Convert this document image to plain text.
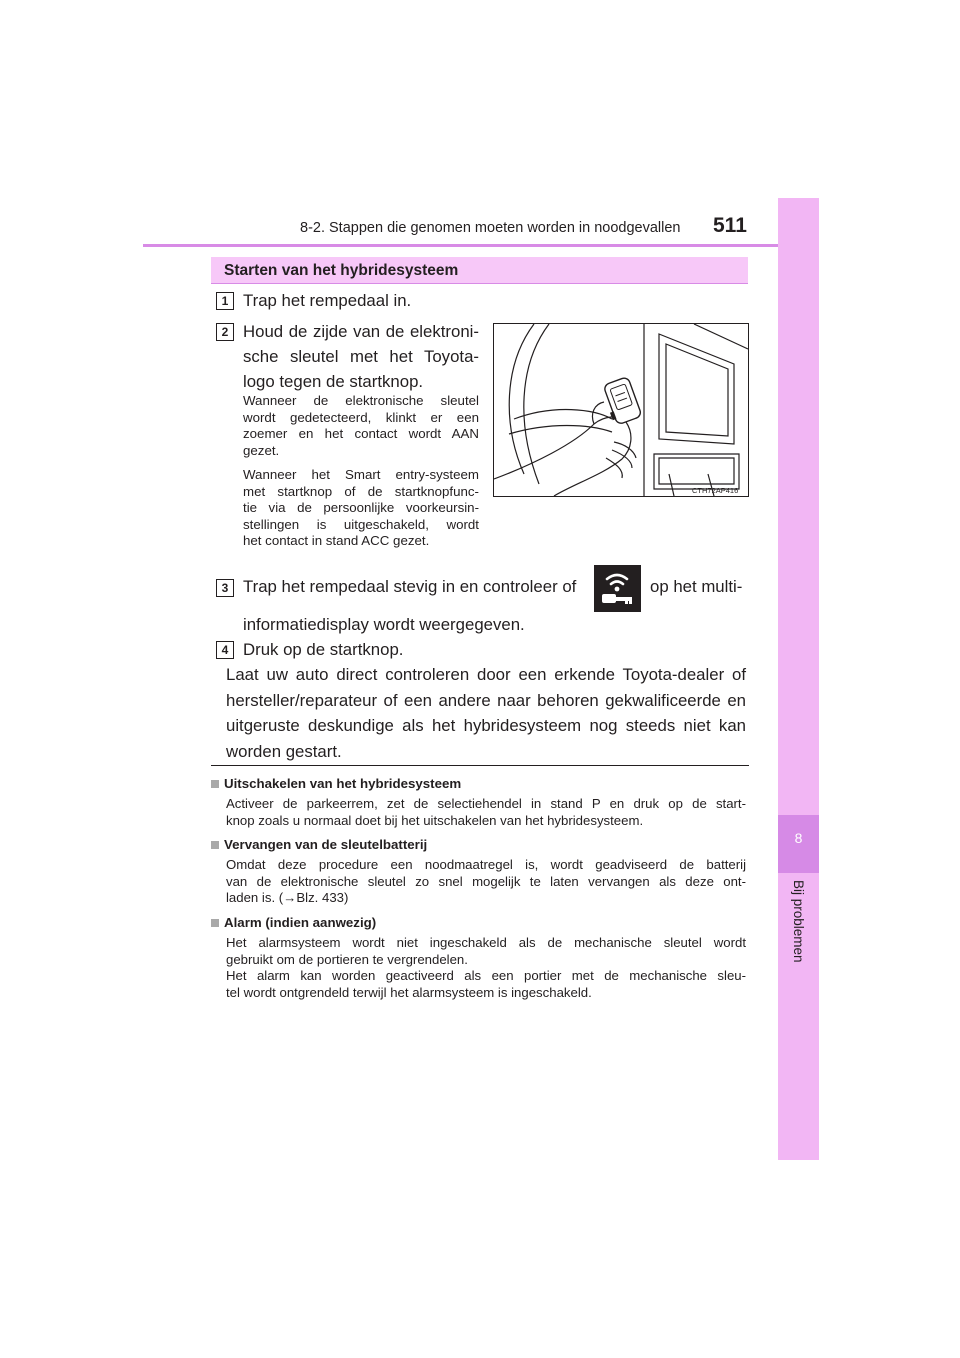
8-2. Stappen die genomen moeten worden in noodgevallen 511
8
Bij problemen
Starten van het hybridesysteem
1 Trap het rempedaal in.
2 Houd de zijde van de elektroni-
sche sleutel met het Toyota-
logo tegen de startknop.
Wanneer de elektronische sleutel
wordt gedetecteerd, klinkt er een
zoemer en het contact wordt AAN
gezet.
Wanneer het Smart entry-systeem
met startknop of de startknopfunc-
tie via de persoonlijke voorkeursin-
stellingen is uitgeschakeld, wordt
het contact in stand ACC gezet.
CTH72AP416
3 Trap het rempedaal stevig in en controleer of	op het multi-
informatiedisplay wordt weergegeven.
4 Druk op de startknop.
Laat uw auto direct controleren door een erkende Toyota-dealer of
hersteller/reparateur of een andere naar behoren gekwalificeerde en
uitgeruste deskundige als het hybridesysteem nog steeds niet kan
worden gestart.
Uitschakelen van het hybridesysteem
Activeer de parkeerrem, zet de selectiehendel in stand P en druk op de start-
knop zoals u normaal doet bij het uitschakelen van het hybridesysteem.
Vervangen van de sleutelbatterij
Omdat deze procedure een noodmaatregel is, wordt geadviseerd de batterij
van de elektronische sleutel zo snel mogelijk te laten vervangen als deze ont-
laden is. (→Blz. 433)
Alarm (indien aanwezig)
Het alarmsysteem wordt niet ingeschakeld als de mechanische sleutel wordt
gebruikt om de portieren te vergrendelen.
Het alarm kan worden geactiveerd als een portier met de mechanische sleu-
tel wordt ontgrendeld terwijl het alarmsysteem is ingeschakeld.
